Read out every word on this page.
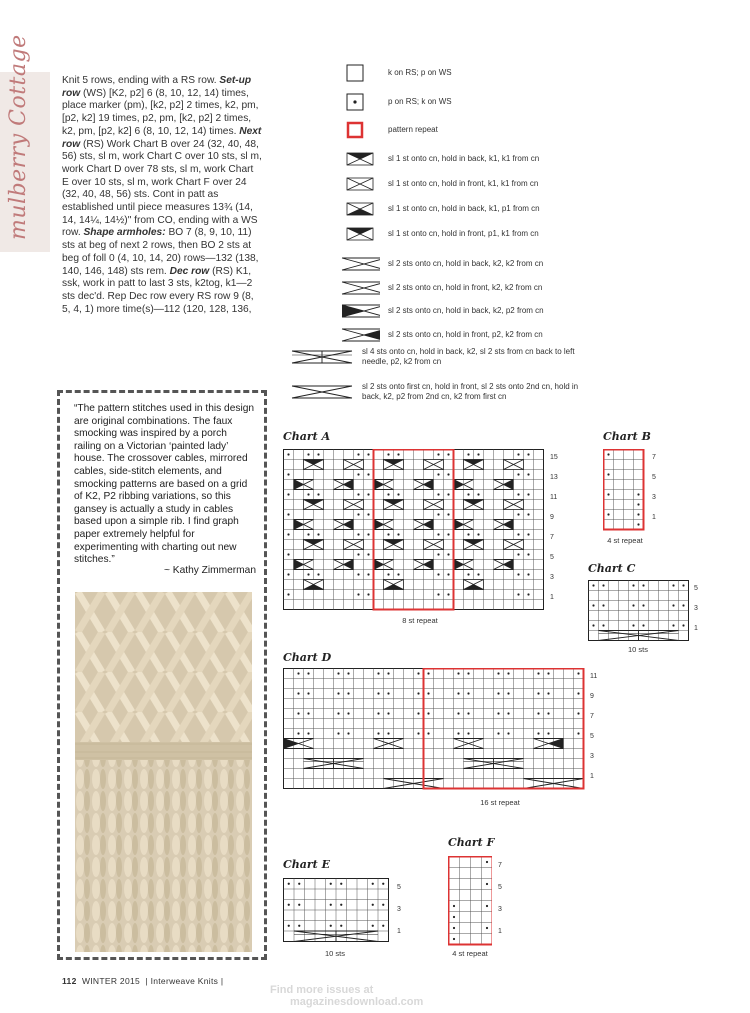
mulberry Cottage	Knit 5 rows, ending with a RS row. Set-up row (WS) [K2, p2] 6 (8, 10, 12, 14) times, place marker (pm), [k2, p2] 2 times, k2, pm, [p2, k2] 19 times, p2, pm, [k2, p2] 2 times, k2, pm, [p2, k2] 6 (8, 10, 12, 14) times. Next row (RS) Work Chart B over 24 (32, 40, 48, 56) sts, sl m, work Chart C over 10 sts, sl m, work Chart D over 78 sts, sl m, work Chart E over 10 sts, sl m, work Chart F over 24 (32, 40, 48, 56) sts. Cont in patt as established until piece measures 13¾ (14, 14, 14¼, 14½)" from CO, ending with a WS row. Shape armholes: BO 7 (8, 9, 10, 11) sts at beg of next 2 rows, then BO 2 sts at beg of foll 0 (4, 10, 14, 20) rows—132 (138, 140, 146, 148) sts rem. Dec row (RS) K1, ssk, work in patt to last 3 sts, k2tog, k1—2 sts dec'd. Rep Dec row every RS row 9 (8, 5, 4, 1) more time(s)—112 (120, 128, 136,
“The pattern stitches used in this design are original combinations. The faux smocking was inspired by a porch railing on a Victorian ‘painted lady’ house. The crossover cables, mirrored cables, side-stitch elements, and smocking patterns are based on a grid of K2, P2 ribbing variations, so this gansey is actually a study in cables based upon a simple rib. I find graph paper extremely helpful for experimenting with charting out new stitches.”
~ Kathy Zimmerman
k on RS; p on WS
p on RS; k on WS
pattern repeat
sl 1 st onto cn, hold in back, k1, k1 from cn
sl 1 st onto cn, hold in front, k1, k1 from cn
sl 1 st onto cn, hold in back, k1, p1 from cn
sl 1 st onto cn, hold in front, p1, k1 from cn
sl 2 sts onto cn, hold in back, k2, k2 from cn
sl 2 sts onto cn, hold in front, k2, k2 from cn
sl 2 sts onto cn, hold in back, k2, p2 from cn
sl 2 sts onto cn, hold in front, p2, k2 from cn
sl 4 sts onto cn, hold in back, k2, sl 2 sts from cn back to left needle, p2, k2 from cn
sl 2 sts onto first cn, hold in front, sl 2 sts onto 2nd cn, hold in back, k2, p2 from 2nd cn, k2 from first cn
Chart A
15
13
11
9
7
5
3
1
8 st repeat
Chart B
7
5
3
1
4 st repeat
Chart C
5
3
1
10 sts
Chart D
11
9
7
5
3
1
16 st repeat
Chart E
5
3
1
10 sts
Chart F
7
5
3
1
4 st repeat
112 WINTER 2015 | Interweave Knits |
Find more issues at
magazinesdownload.com
